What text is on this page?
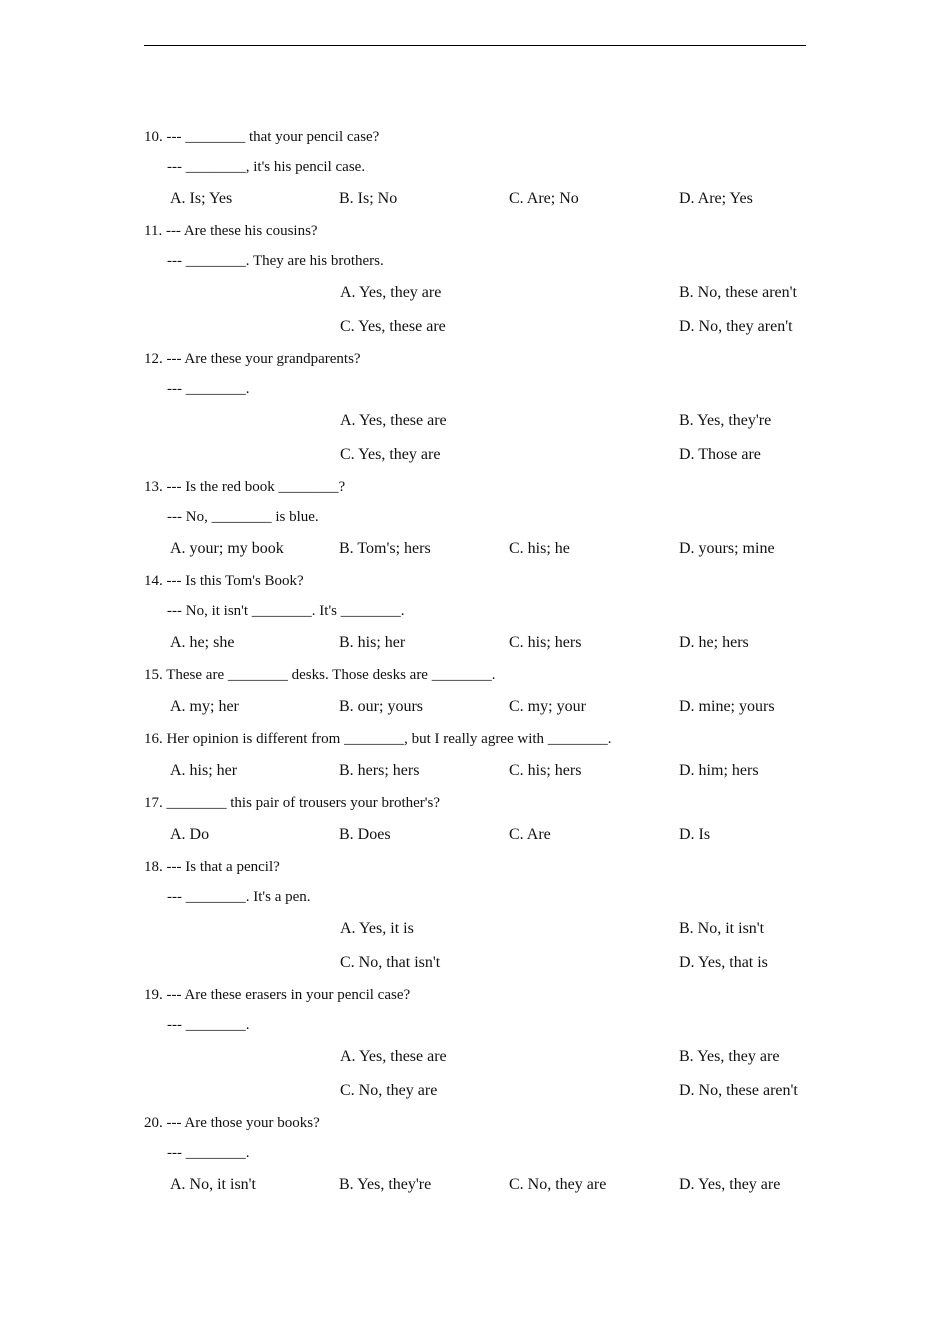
10. --- ________ that your pencil case?
--- ________, it's his pencil case.
A. Is; Yes	B. Is; No	C. Are; No	D. Are; Yes
11. --- Are these his cousins?
--- ________. They are his brothers.
A. Yes, they are	B. No, these aren't
C. Yes, these are	D. No, they aren't
12. --- Are these your grandparents?
--- ________.
A. Yes, these are	B. Yes, they're
C. Yes, they are	D. Those are
13. --- Is the red book ________?
--- No, ________ is blue.
A. your; my book	B. Tom's; hers	C. his; he	D. yours; mine
14. --- Is this Tom's Book?
--- No, it isn't ________. It's ________.
A. he; she	B. his; her	C. his; hers	D. he; hers
15. These are ________ desks. Those desks are ________.
A. my; her	B. our; yours	C. my; your	D. mine; yours
16. Her opinion is different from ________, but I really agree with ________.
A. his; her	B. hers; hers	C. his; hers	D. him; hers
17. ________ this pair of trousers your brother's?
A. Do	B. Does	C. Are	D. Is
18. --- Is that a pencil?
--- ________. It's a pen.
A. Yes, it is	B. No, it isn't
C. No, that isn't	D. Yes, that is
19. --- Are these erasers in your pencil case?
--- ________.
A. Yes, these are	B. Yes, they are
C. No, they are	D. No, these aren't
20. --- Are those your books?
--- ________.
A. No, it isn't	B. Yes, they're	C. No, they are	D. Yes, they are
